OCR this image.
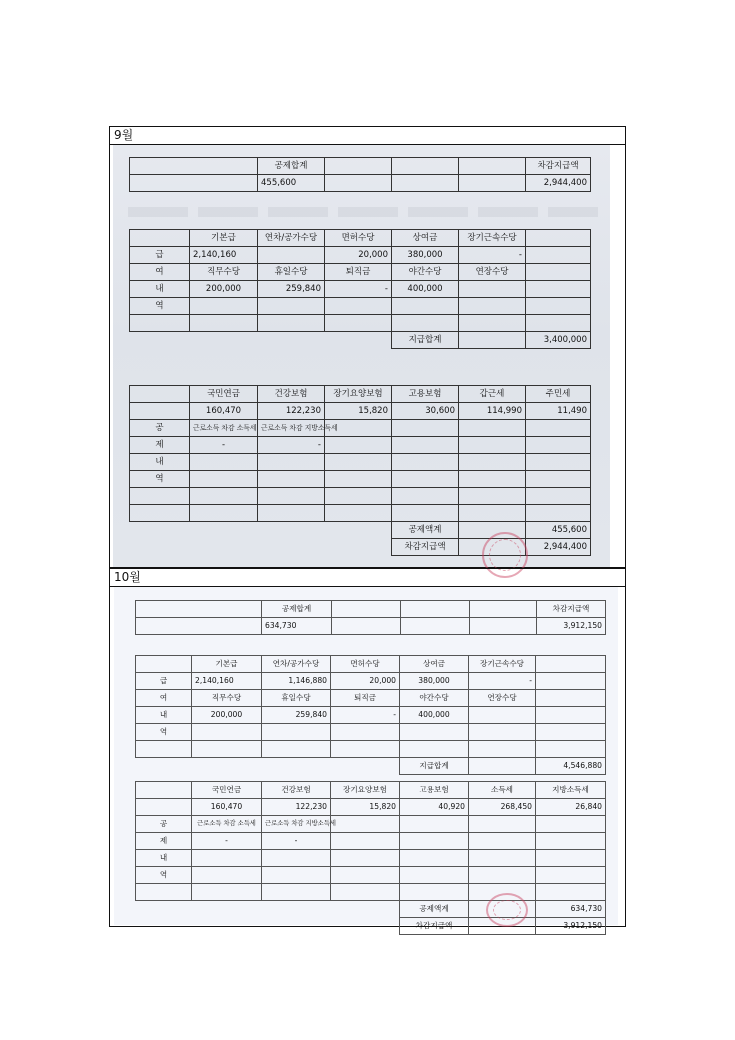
9월
	공제합계				차감지급액
	455,600				2,944,400
	기본급	연차/공가수당	면허수당	상여금	장기근속수당	
급	2,140,160		20,000	380,000	-	
여	직무수당	휴일수당	퇴직금	야간수당	연장수당	
내	200,000	259,840	-	400,000		
역						

				지급합계		3,400,000
	국민연금	건강보험	장기요양보험	고용보험	갑근세	주민세
	160,470	122,230	15,820	30,600	114,990	11,490
공	근로소득 차감 소득세	근로소득 차감 지방소득세				
제	-	-				
내						
역						

				공제액계		455,600
				차감지급액		2,944,400
10월
	공제합계				차감지급액
	634,730				3,912,150
	기본급	연차/공가수당	면허수당	상여금	장기근속수당	
급	2,140,160	1,146,880	20,000	380,000	-	
여	직무수당	휴일수당	퇴직금	야간수당	연장수당	
내	200,000	259,840	-	400,000		
역						

				지급합계		4,546,880
	국민연금	건강보험	장기요양보험	고용보험	소득세	지방소득세
	160,470	122,230	15,820	40,920	268,450	26,840
공	근로소득 차감 소득세	근로소득 차감 지방소득세				
제	-	-				
내						
역						

				공제액계		634,730
				차감지급액		3,912,150
